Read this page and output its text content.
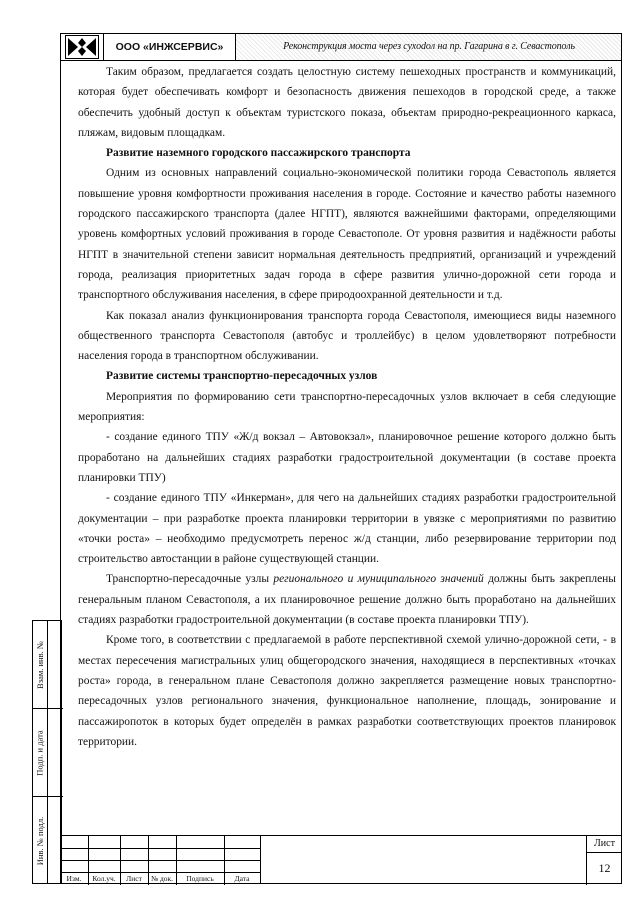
ООО «ИНЖСЕРВИС»	Реконструкция моста через сухodoл на пр. Гагарина в г. Севастополь

Таким образом, предлагается создать целостную систему пешеходных пространств и коммуникаций, которая будет обеспечивать комфорт и безопасность движения пешеходов в городской среде, а также обеспечить удобный доступ к объектам туристского показа, объектам природно-рекреационного каркаса, пляжам, видовым площадкам.

Развитие наземного городского пассажирского транспорта

Одним из основных направлений социально-экономической политики города Севастополь является повышение уровня комфортности проживания населения в городе. Состояние и качество работы наземного городского пассажирского транспорта (далее НГПТ), являются важнейшими факторами, определяющими уровень комфортных условий проживания в городе Севастополе. От уровня развития и надёжности работы НГПТ в значительной степени зависит нормальная деятельность предприятий, организаций и учреждений города, реализация приоритетных задач города в сфере развития улично-дорожной сети города и транспортного обслуживания населения, в сфере природоохранной деятельности и т.д.

Как показал анализ функционирования транспорта города Севастополя, имеющиеся виды наземного общественного транспорта Севастополя (автобус и троллейбус) в целом удовлетворяют потребности населения города в транспортном обслуживании.

Развитие системы транспортно-пересадочных узлов

Мероприятия по формированию сети транспортно-пересадочных узлов включает в себя следующие мероприятия:

- создание единого ТПУ «Ж/д вокзал – Автовокзал», планировочное решение которого должно быть проработано на дальнейших стадиях разработки градостроительной документации (в составе проекта планировки ТПУ)

- создание единого ТПУ «Инкерман», для чего на дальнейших стадиях разработки градостроительной документации – при разработке проекта планировки территории в увязке с мероприятиями по развитию «точки роста» – необходимо предусмотреть перенос ж/д станции, либо резервирование территории под строительство автостанции в районе существующей станции.

Транспортно-пересадочные узлы регионального и муниципального значений должны быть закреплены генеральным планом Севастополя, а их планировочное решение должно быть проработано на дальнейших стадиях разработки градостроительной документации (в составе проекта планировки ТПУ).

Кроме того, в соответствии с предлагаемой в работе перспективной схемой улично-дорожной сети, - в местах пересечения магистральных улиц общегородского значения, находящиеся в перспективных «точках роста» города, в генеральном плане Севастополя должно закрепляется размещение новых транспортно-пересадочных узлов регионального значения, функциональное наполнение, площадь, зонирование и пассажиропоток в которых будет определён в рамках разработки соответствующих проектов планировок территории.

Взам. инв. №
Подп. и дата
Инв. № подл.
Изм.	Кол.уч.	Лист	№ док.	Подпись	Дата
Лист
12
